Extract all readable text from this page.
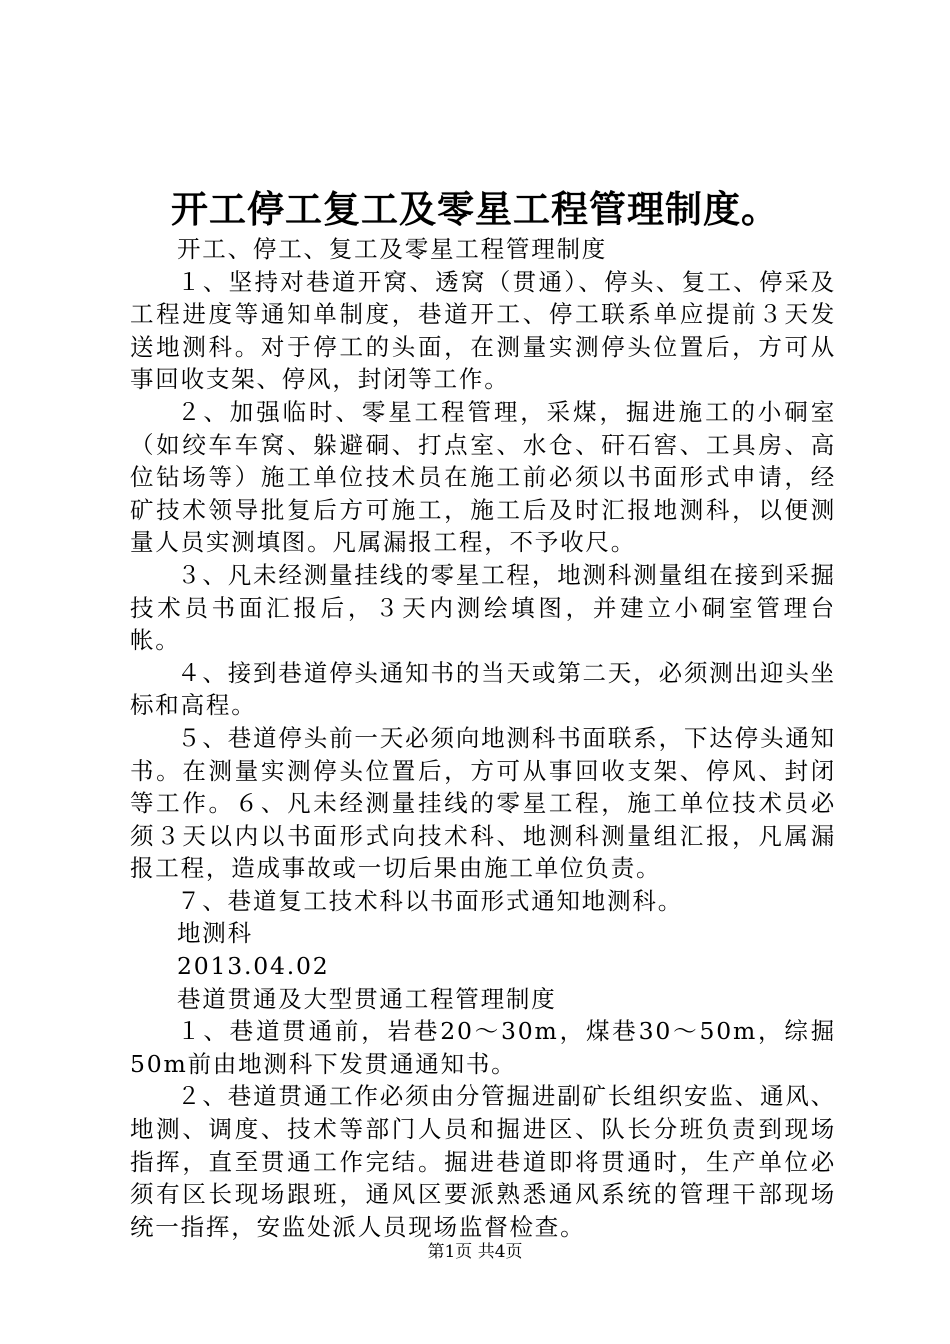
开工停工复工及零星工程管理制度。

开工、停工、复工及零星工程管理制度

１、坚持对巷道开窝、透窝（贯通）、停头、复工、停采及工程进度等通知单制度，巷道开工、停工联系单应提前３天发送地测科。对于停工的头面，在测量实测停头位置后，方可从事回收支架、停风，封闭等工作。

２、加强临时、零星工程管理，采煤，掘进施工的小硐室（如绞车车窝、躲避硐、打点室、水仓、矸石窖、工具房、高位钻场等）施工单位技术员在施工前必须以书面形式申请，经矿技术领导批复后方可施工，施工后及时汇报地测科，以便测量人员实测填图。凡属漏报工程，不予收尺。

３、凡未经测量挂线的零星工程，地测科测量组在接到采掘技术员书面汇报后，３天内测绘填图，并建立小硐室管理台帐。

４、接到巷道停头通知书的当天或第二天，必须测出迎头坐标和高程。

５、巷道停头前一天必须向地测科书面联系，下达停头通知书。在测量实测停头位置后，方可从事回收支架、停风、封闭等工作。６、凡未经测量挂线的零星工程，施工单位技术员必须３天以内以书面形式向技术科、地测科测量组汇报，凡属漏报工程，造成事故或一切后果由施工单位负责。

７、巷道复工技术科以书面形式通知地测科。

地测科

2013.04.02

巷道贯通及大型贯通工程管理制度

１、巷道贯通前，岩巷20～30m，煤巷30～50m，综掘50m前由地测科下发贯通通知书。

２、巷道贯通工作必须由分管掘进副矿长组织安监、通风、地测、调度、技术等部门人员和掘进区、队长分班负责到现场指挥，直至贯通工作完结。掘进巷道即将贯通时，生产单位必须有区长现场跟班，通风区要派熟悉通风系统的管理干部现场统一指挥，安监处派人员现场监督检查。

第1页 共4页
